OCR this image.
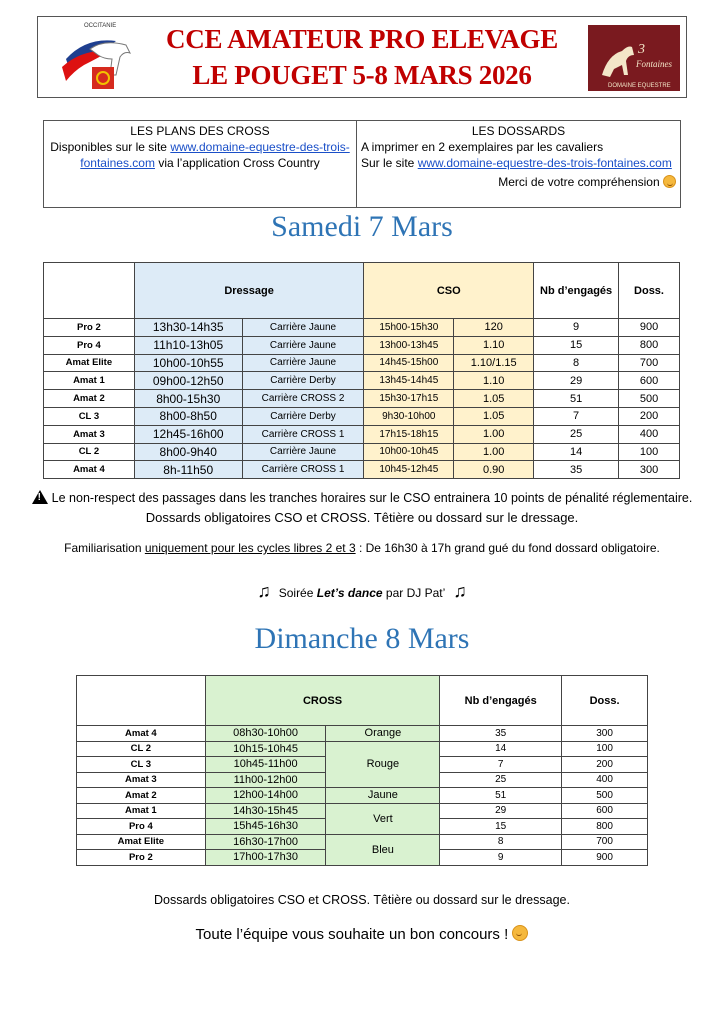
OCCITANIE	CCE AMATEUR PRO ELEVAGE
LE POUGET 5-8 MARS 2026
3
Fontaines
DOMAINE EQUESTRE
LES PLANS DES CROSS
Disponibles sur le site www.domaine-equestre-des-trois-fontaines.com via l’application Cross Country

LES DOSSARDS
A imprimer en 2 exemplaires par les cavaliers
Sur le site www.domaine-equestre-des-trois-fontaines.com
Merci de votre compréhension
Samedi 7 Mars
	Dressage		CSO		Nb d’engagés	Doss.
Pro 2	13h30-14h35	Carrière Jaune	15h00-15h30	120	9	900
Pro 4	11h10-13h05	Carrière Jaune	13h00-13h45	1.10	15	800
Amat Elite	10h00-10h55	Carrière Jaune	14h45-15h00	1.10/1.15	8	700
Amat 1	09h00-12h50	Carrière Derby	13h45-14h45	1.10	29	600
Amat 2	8h00-15h30	Carrière CROSS 2	15h30-17h15	1.05	51	500
CL 3	8h00-8h50	Carrière Derby	9h30-10h00	1.05	7	200
Amat 3	12h45-16h00	Carrière CROSS 1	17h15-18h15	1.00	25	400
CL 2	8h00-9h40	Carrière Jaune	10h00-10h45	1.00	14	100
Amat 4	8h-11h50	Carrière CROSS 1	10h45-12h45	0.90	35	300
!Le non-respect des passages dans les tranches horaires sur le CSO entrainera 10 points de pénalité réglementaire.
Dossards obligatoires CSO et CROSS. Têtière ou dossard sur le dressage.
Familiarisation uniquement pour les cycles libres 2 et 3 : De 16h30 à 17h grand gué du fond dossard obligatoire.
♫ Soirée Let’s dance par DJ Pat’ ♫
Dimanche 8 Mars
	CROSS		Nb d’engagés	Doss.
Amat 4	08h30-10h00	Orange	35	300
CL 2	10h15-10h45	Rouge	14	100
CL 3	10h45-11h00		7	200
Amat 3	11h00-12h00		25	400
Amat 2	12h00-14h00	Jaune	51	500
Amat 1	14h30-15h45	Vert	29	600
Pro 4	15h45-16h30		15	800
Amat Elite	16h30-17h00	Bleu	8	700
Pro 2	17h00-17h30		9	900
Dossards obligatoires CSO et CROSS. Têtière ou dossard sur le dressage.
Toute l’équipe vous souhaite un bon concours !
